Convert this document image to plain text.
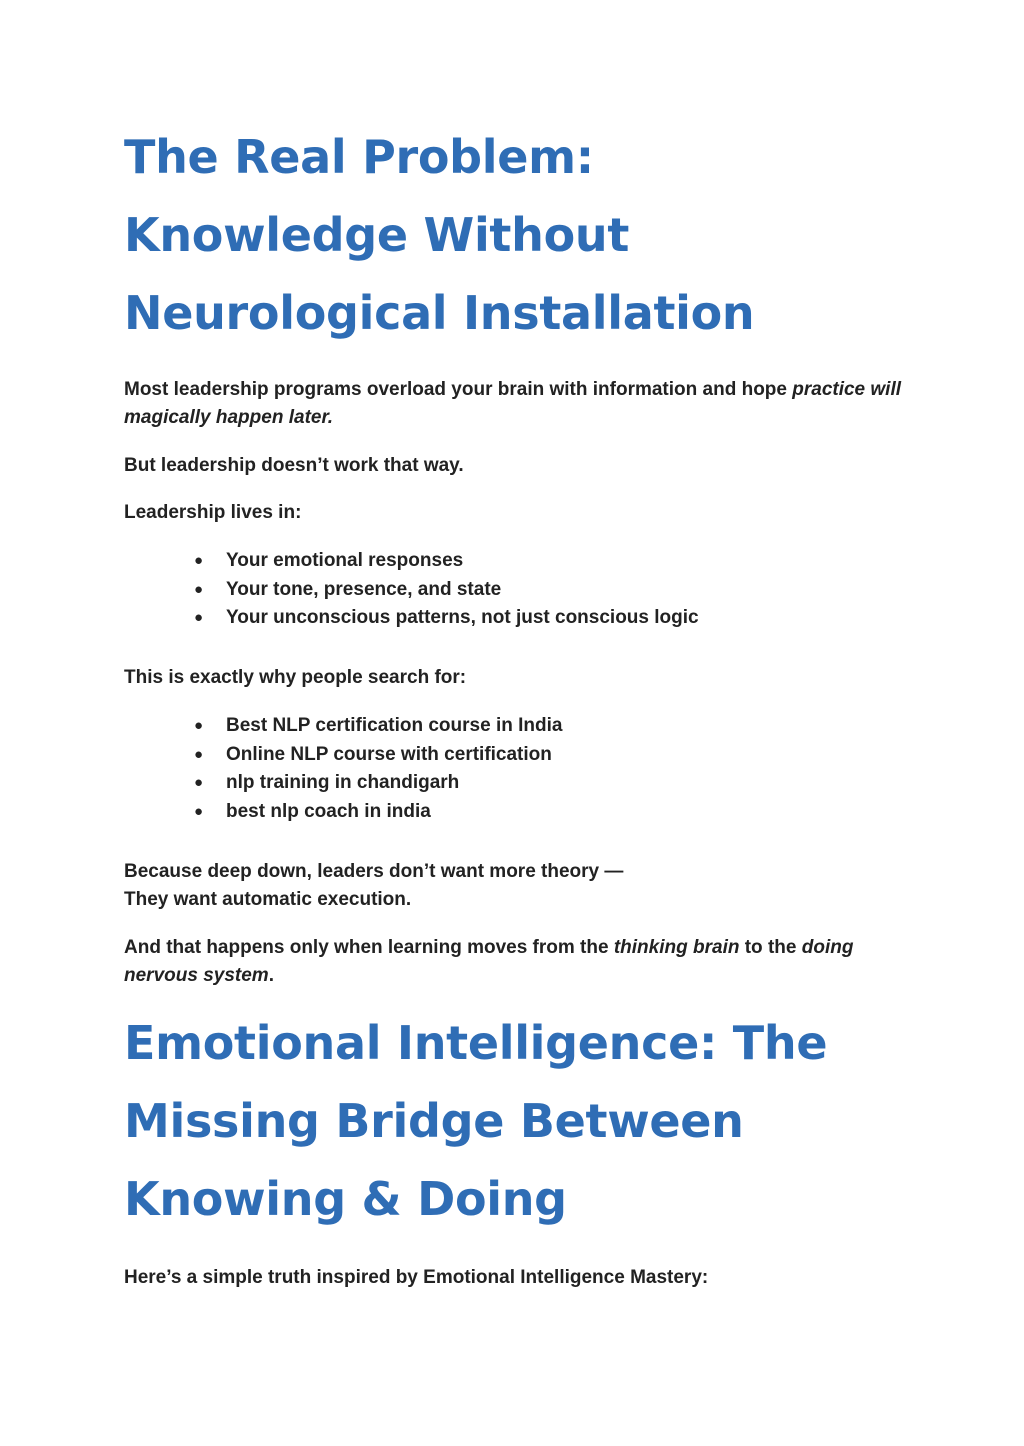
The Real Problem:
Knowledge Without
Neurological Installation

Most leadership programs overload your brain with information and hope practice will magically happen later.

But leadership doesn’t work that way.

Leadership lives in:

● Your emotional responses
● Your tone, presence, and state
● Your unconscious patterns, not just conscious logic

This is exactly why people search for:

● Best NLP certification course in India
● Online NLP course with certification
● nlp training in chandigarh
● best nlp coach in india

Because deep down, leaders don’t want more theory —
They want automatic execution.

And that happens only when learning moves from the thinking brain to the doing nervous system.

Emotional Intelligence: The
Missing Bridge Between
Knowing & Doing

Here’s a simple truth inspired by Emotional Intelligence Mastery:
